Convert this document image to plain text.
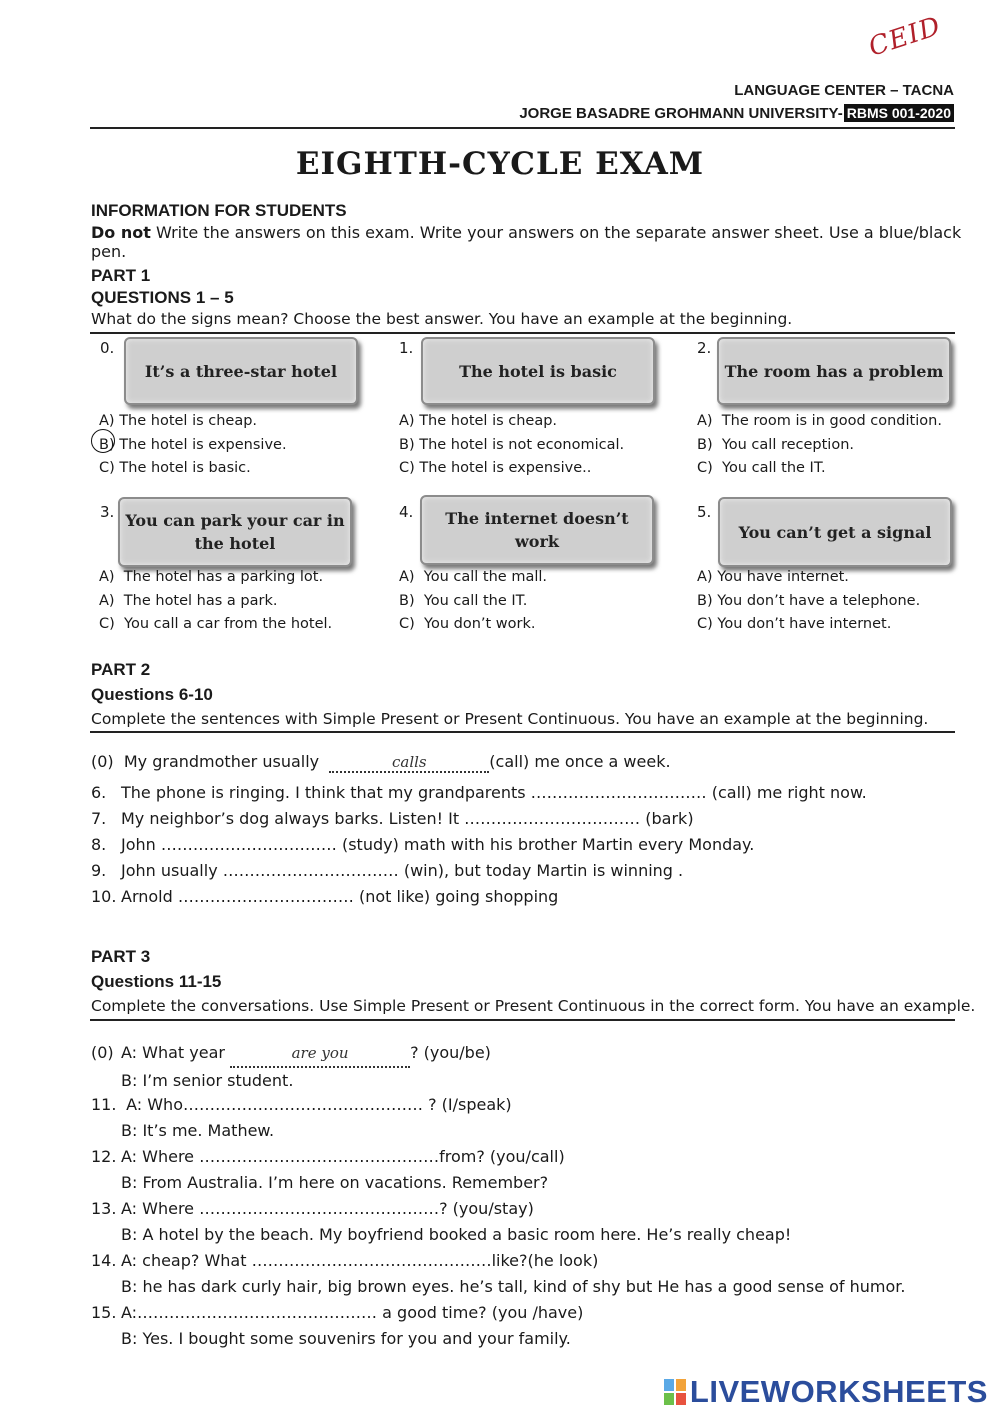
CEID
LANGUAGE CENTER – TACNA
JORGE BASADRE GROHMANN UNIVERSITY- RBMS 001-2020
EIGHTH-CYCLE EXAM
INFORMATION FOR STUDENTS
Do not Write the answers on this exam. Write your answers on the separate answer sheet. Use a blue/black pen.
PART 1
QUESTIONS 1 – 5
What do the signs mean? Choose the best answer. You have an example at the beginning.
0.
It’s a three-star hotel
1.
The hotel is basic
2.
The room has a problem
A) The hotel is cheap.
B) The hotel is expensive.
C) The hotel is basic.
A) The hotel is cheap.
B) The hotel is not economical.
C) The hotel is expensive..
A) The room is in good condition.
B) You call reception.
C) You call the IT.
3. You can park your car in the hotel
4.	The internet doesn’t work
5.
You can’t get a signal
A) The hotel has a parking lot.
A) The hotel has a park.
C) You call a car from the hotel.
A) You call the mall.
B) You call the IT.
C) You don’t work.
A) You have internet.
B) You don’t have a telephone.
C) You don’t have internet.
PART 2
Questions 6-10
Complete the sentences with Simple Present or Present Continuous. You have an example at the beginning.
(0) My grandmother usually	calls	(call) me once a week.
6. The phone is ringing. I think that my grandparents …………………………… (call) me right now.
7. My neighbor’s dog always barks. Listen! It …………………………… (bark)
8. John …………………………… (study) math with his brother Martin every Monday.
9. John usually …………………………… (win), but today Martin is winning .
10. Arnold …………………………… (not like) going shopping
PART 3
Questions 11-15
Complete the conversations. Use Simple Present or Present Continuous in the correct form. You have an example.
(0) A: What year	are you	? (you/be)
B: I’m senior student.
11. A: Who……………………………………… ? (I/speak)
B: It’s me. Mathew.
12. A: Where ………………………………………from? (you/call)
B: From Australia. I’m here on vacations. Remember?
13. A: Where ………………………………………? (you/stay)
B: A hotel by the beach. My boyfriend booked a basic room here. He’s really cheap!
14. A: cheap? What ………………………………………like?(he look)
B: he has dark curly hair, big brown eyes. he’s tall, kind of shy but He has a good sense of humor.
15. A:……………………………………… a good time? (you /have)
B: Yes. I bought some souvenirs for you and your family.
LIVEWORKSHEETS
